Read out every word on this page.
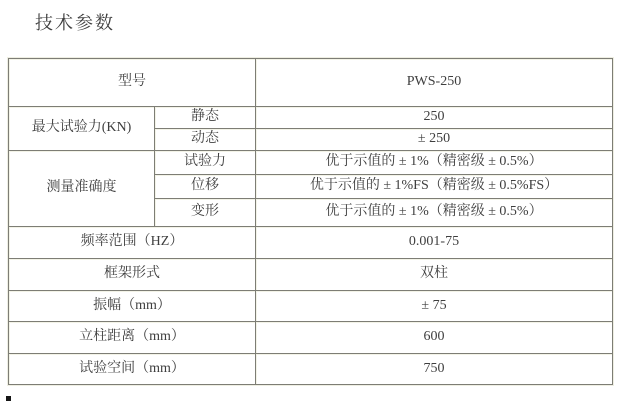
技术参数
型号		PWS-250
最大试验力(KN)	静态	250
	动态	± 250
测量准确度	试验力	优于示值的 ± 1%（精密级 ± 0.5%）
	位移	优于示值的 ± 1%FS（精密级 ± 0.5%FS）
	变形	优于示值的 ± 1%（精密级 ± 0.5%）
频率范围（HZ）		0.001-75
框架形式		双柱
振幅（mm）		± 75
立柱距离（mm）		600
试验空间（mm）		750
